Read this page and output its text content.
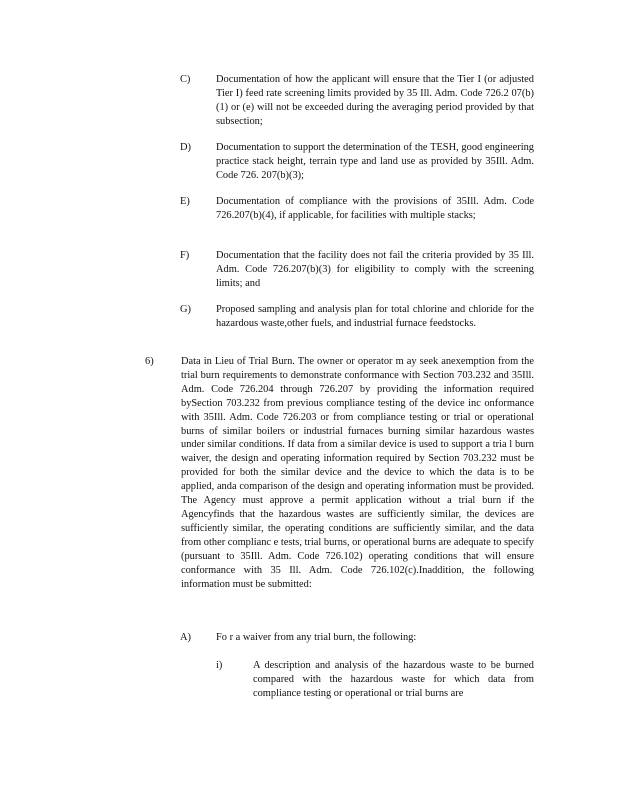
C) Documentation of how the applicant will ensure that the Tier I (or adjusted Tier I) feed rate screening limits provided by 35 Ill. Adm. Code 726.2 07(b)(1) or (e) will not be exceeded during the averaging period provided by that subsection;
D) Documentation to support the determination of the TESH, good engineering practice stack height, terrain type and land use as provided by 35Ill. Adm. Code 726. 207(b)(3);
E)	Documentation of compliance with the provisions of 35Ill. Adm. Code 726.207(b)(4), if applicable, for facilities with multiple stacks;
F)	Documentation that the facility does not fail the criteria provided by 35 Ill. Adm. Code 726.207(b)(3) for eligibility to comply with the screening limits; and
G) Proposed sampling and analysis plan for total chlorine and chloride for the hazardous waste,other fuels, and industrial furnace feedstocks.
6)	Data in Lieu of Trial Burn. The owner or operator m ay seek anexemption from the trial burn requirements to demonstrate conformance with Section 703.232 and 35Ill. Adm. Code 726.204 through 726.207 by providing the information required bySection 703.232 from previous compliance testing of the device inc onformance with 35Ill. Adm. Code 726.203 or from compliance testing or trial or operational burns of similar boilers or industrial furnaces burning similar hazardous wastes under similar conditions. If data from a similar device is used to support a tria l burn waiver, the design and operating information required by Section 703.232 must be provided for both the similar device and the device to which the data is to be applied, anda comparison of the design and operating information must be provided. The Agency must approve a permit application without a trial burn if the Agencyfinds that the hazardous wastes are sufficiently similar, the devices are sufficiently similar, the operating conditions are sufficiently similar, and the data from other complianc e tests, trial burns, or operational burns are adequate to specify (pursuant to 35Ill. Adm. Code 726.102) operating conditions that will ensure conformance with 35 Ill. Adm. Code 726.102(c).Inaddition, the following information must be submitted:
A) Fo r a waiver from any trial burn, the following:
i)	A description and analysis of the hazardous waste to be burned compared with the hazardous waste for which data from compliance testing or operational or trial burns are
